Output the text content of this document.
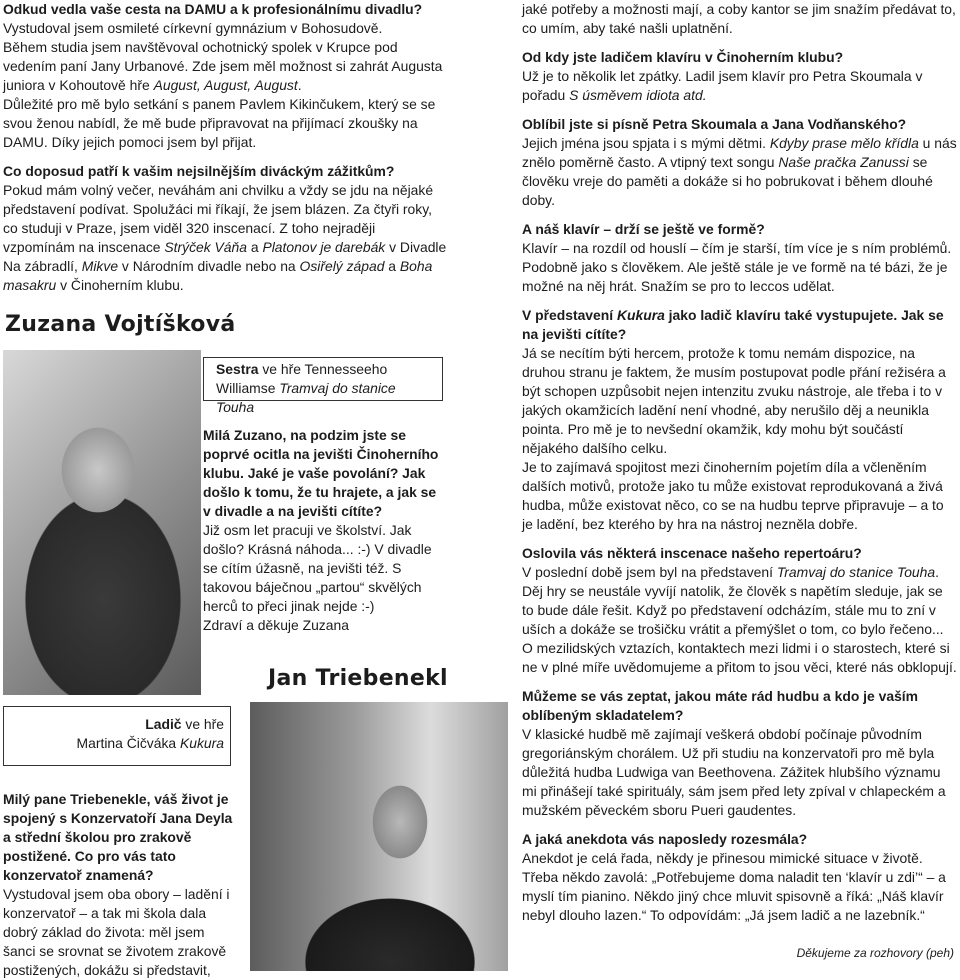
Odkud vedla vaše cesta na DAMU a k profesionálnímu divadlu?

Vystudoval jsem osmileté církevní gymnázium v Bohosudově.

Během studia jsem navštěvoval ochotnický spolek v Krupce pod vedením paní Jany Urbanové. Zde jsem měl možnost si zahrát Augusta juniora v Kohoutově hře August, August, August.

Důležité pro mě bylo setkání s panem Pavlem Kikinčukem, který se se svou ženou nabídl, že mě bude připravovat na přijímací zkoušky na DAMU. Díky jejich pomoci jsem byl přijat.

Co doposud patří k vašim nejsilnějším diváckým zážitkům?

Pokud mám volný večer, neváhám ani chvilku a vždy se jdu na nějaké představení podívat. Spolužáci mi říkají, že jsem blázen. Za čtyři roky, co studuji v Praze, jsem viděl 320 inscenací. Z toho nejraději vzpomínám na inscenace Strýček Váňa a Platonov je darebák v Divadle Na zábradlí, Mikve v Národním divadle nebo na Osiřelý západ a Boha masakru v Činoherním klubu.

Zuzana Vojtíšková
Sestra ve hře Tennesseeho Williamse Tramvaj do stanice Touha

Milá Zuzano, na podzim jste se poprvé ocitla na jevišti Činoherního klubu. Jaké je vaše povolání? Jak došlo k tomu, že tu hrajete, a jak se v divadle a na jevišti cítíte?

Již osm let pracuji ve školství. Jak došlo? Krásná náhoda... :-) V divadle se cítím úžasně, na jevišti též. S takovou báječnou „partou“ skvělých herců to přeci jinak nejde :-)

Zdraví a děkuje Zuzana

Jan Triebenekl
Ladič ve hře
Martina Čičváka Kukura

Milý pane Triebenekle, váš život je spojený s Konzervatoří Jana Deyla a střední školou pro zrakově postižené. Co pro vás tato konzervatoř znamená?

Vystudoval jsem oba obory – ladění i konzervatoř – a tak mi škola dala dobrý základ do života: měl jsem šanci se srovnat se životem zrakově postižených, dokážu si představit,

jaké potřeby a možnosti mají, a coby kantor se jim snažím předávat to, co umím, aby také našli uplatnění.

Od kdy jste ladičem klavíru v Činoherním klubu?

Už je to několik let zpátky. Ladil jsem klavír pro Petra Skoumala v pořadu S úsměvem idiota atd.

Oblíbil jste si písně Petra Skoumala a Jana Vodňanského?

Jejich jména jsou spjata i s mými dětmi. Kdyby prase mělo křídla u nás znělo poměrně často. A vtipný text songu Naše pračka Zanussi se člověku vreje do paměti a dokáže si ho pobrukovat i během dlouhé doby.

A náš klavír – drží se ještě ve formě?

Klavír – na rozdíl od houslí – čím je starší, tím více je s ním problémů. Podobně jako s člověkem. Ale ještě stále je ve formě na té bázi, že je možné na něj hrát. Snažím se pro to leccos udělat.

V představení Kukura jako ladič klavíru také vystupujete. Jak se na jevišti cítíte?

Já se necítím býti hercem, protože k tomu nemám dispozice, na druhou stranu je faktem, že musím postupovat podle přání režiséra a být schopen uzpůsobit nejen intenzitu zvuku nástroje, ale třeba i to v jakých okamžicích ladění není vhodné, aby nerušilo děj a neunikla pointa. Pro mě je to nevšední okamžik, kdy mohu být součástí nějakého dalšího celku.

Je to zajímavá spojitost mezi činoherním pojetím díla a včleněním dalších motivů, protože jako tu může existovat reprodukovaná a živá hudba, může existovat něco, co se na hudbu teprve připravuje – a to je ladění, bez kterého by hra na nástroj nezněla dobře.

Oslovila vás některá inscenace našeho repertoáru?

V poslední době jsem byl na představení Tramvaj do stanice Touha. Děj hry se neustále vyvíjí natolik, že člověk s napětím sleduje, jak se to bude dále řešit. Když po představení odcházím, stále mu to zní v uších a dokáže se trošičku vrátit a přemýšlet o tom, co bylo řečeno... O mezilidských vztazích, kontaktech mezi lidmi i o starostech, které si ne v plné míře uvědomujeme a přitom to jsou věci, které nás obklopují.

Můžeme se vás zeptat, jakou máte rád hudbu a kdo je vaším oblíbeným skladatelem?

V klasické hudbě mě zajímají veškerá období počínaje původním gregoriánským chorálem. Už při studiu na konzervatoři pro mě byla důležitá hudba Ludwiga van Beethovena. Zážitek hlubšího významu mi přinášejí také spirituály, sám jsem před lety zpíval v chlapeckém a mužském pěveckém sboru Pueri gaudentes.

A jaká anekdota vás naposledy rozesmála?

Anekdot je celá řada, někdy je přinesou mimické situace v životě. Třeba někdo zavolá: „Potřebujeme doma naladit ten ‘klavír u zdi’“ – a myslí tím pianino. Někdo jiný chce mluvit spisovně a říká: „Náš klavír nebyl dlouho lazen.“ To odpovídám: „Já jsem ladič a ne lazebník.“

Děkujeme za rozhovory (peh)
